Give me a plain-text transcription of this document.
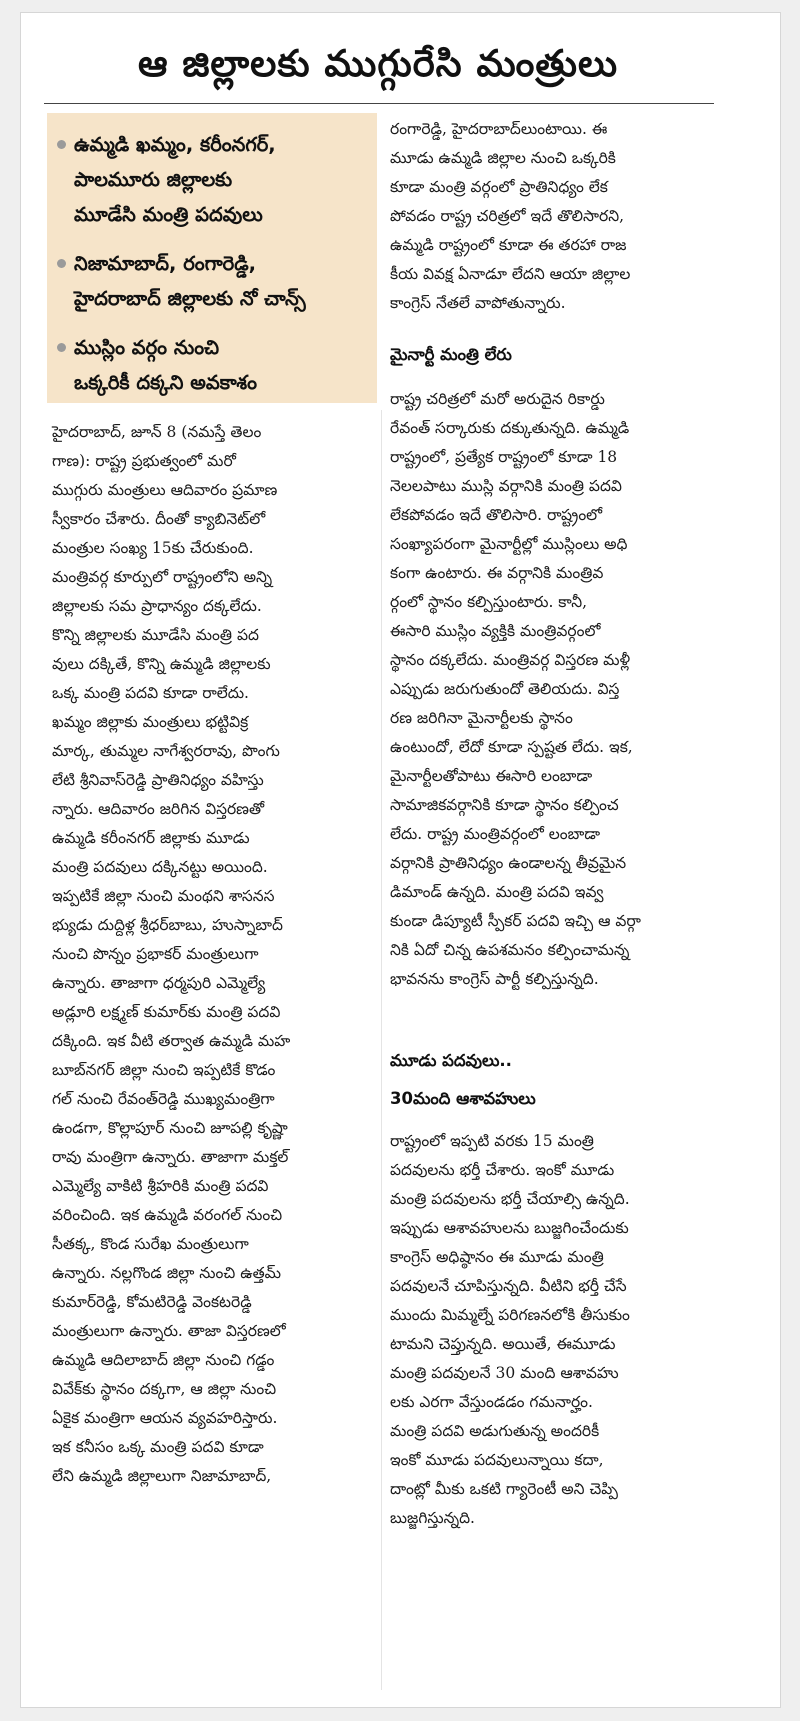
ఆ జిల్లాలకు ముగ్గురేసి మంత్రులు
ఉమ్మడి ఖమ్మం, కరీంనగర్,
పాలమూరు జిల్లాలకు
మూడేసి మంత్రి పదవులు
నిజామాబాద్, రంగారెడ్డి,
హైదరాబాద్ జిల్లాలకు నో చాన్స్
ముస్లిం వర్గం నుంచి
ఒక్కరికీ దక్కని అవకాశం
హైదరాబాద్, జూన్ 8 (నమస్తే తెలం
గాణ): రాష్ట్ర ప్రభుత్వంలో మరో
ముగ్గురు మంత్రులు ఆదివారం ప్రమాణ
స్వీకారం చేశారు. దీంతో క్యాబినెట్‌లో
మంత్రుల సంఖ్య 15కు చేరుకుంది.
మంత్రివర్గ కూర్పులో రాష్ట్రంలోని అన్ని
జిల్లాలకు సమ ప్రాధాన్యం దక్కలేదు.
కొన్ని జిల్లాలకు మూడేసి మంత్రి పద
వులు దక్కితే, కొన్ని ఉమ్మడి జిల్లాలకు
ఒక్క మంత్రి పదవి కూడా రాలేదు.
ఖమ్మం జిల్లాకు మంత్రులు భట్టివిక్ర
మార్క, తుమ్మల నాగేశ్వరరావు, పొంగు
లేటి శ్రీనివాస్‌రెడ్డి ప్రాతినిధ్యం వహిస్తు
న్నారు. ఆదివారం జరిగిన విస్తరణతో
ఉమ్మడి కరీంనగర్ జిల్లాకు మూడు
మంత్రి పదవులు దక్కినట్టు అయింది.
ఇప్పటికే జిల్లా నుంచి మంథని శాసనస
భ్యుడు దుద్దిళ్ల శ్రీధర్‌బాబు, హుస్నాబాద్
నుంచి పొన్నం ప్రభాకర్ మంత్రులుగా
ఉన్నారు. తాజాగా ధర్మపురి ఎమ్మెల్యే
అడ్లూరి లక్ష్మణ్ కుమార్‌కు మంత్రి పదవి
దక్కింది. ఇక వీటి తర్వాత ఉమ్మడి మహ
బూబ్‌నగర్ జిల్లా నుంచి ఇప్పటికే కొడం
గల్ నుంచి రేవంత్‌రెడ్డి ముఖ్యమంత్రిగా
ఉండగా, కొల్లాపూర్ నుంచి జూపల్లి కృష్ణా
రావు మంత్రిగా ఉన్నారు. తాజాగా మక్తల్
ఎమ్మెల్యే వాకిటి శ్రీహరికి మంత్రి పదవి
వరించింది. ఇక ఉమ్మడి వరంగల్ నుంచి
సీతక్క, కొండ సురేఖ మంత్రులుగా
ఉన్నారు. నల్లగొండ జిల్లా నుంచి ఉత్తమ్
కుమార్‌రెడ్డి, కోమటిరెడ్డి వెంకటరెడ్డి
మంత్రులుగా ఉన్నారు. తాజా విస్తరణలో
ఉమ్మడి ఆదిలాబాద్ జిల్లా నుంచి గడ్డం
వివేక్‌కు స్థానం దక్కగా, ఆ జిల్లా నుంచి
ఏకైక మంత్రిగా ఆయన వ్యవహరిస్తారు.
ఇక కనీసం ఒక్క మంత్రి పదవి కూడా
లేని ఉమ్మడి జిల్లాలుగా నిజామాబాద్,
రంగారెడ్డి, హైదరాబాద్‌లుంటాయి. ఈ
మూడు ఉమ్మడి జిల్లాల నుంచి ఒక్కరికి
కూడా మంత్రి వర్గంలో ప్రాతినిధ్యం లేక
పోవడం రాష్ట్ర చరిత్రలో ఇదే తొలిసారని,
ఉమ్మడి రాష్ట్రంలో కూడా ఈ తరహా రాజ
కీయ వివక్ష ఏనాడూ లేదని ఆయా జిల్లాల
కాంగ్రెస్ నేతలే వాపోతున్నారు.
మైనార్టీ మంత్రి లేరు
రాష్ట్ర చరిత్రలో మరో అరుదైన రికార్డు
రేవంత్ సర్కారుకు దక్కుతున్నది. ఉమ్మడి
రాష్ట్రంలో, ప్రత్యేక రాష్ట్రంలో కూడా 18
నెలలపాటు ముస్లి వర్గానికి మంత్రి పదవి
లేకపోవడం ఇదే తొలిసారి. రాష్ట్రంలో
సంఖ్యాపరంగా మైనార్టీల్లో ముస్లింలు అధి
కంగా ఉంటారు. ఈ వర్గానికి మంత్రివ
ర్గంలో స్థానం కల్పిస్తుంటారు. కానీ,
ఈసారి ముస్లిం వ్యక్తికి మంత్రివర్గంలో
స్థానం దక్కలేదు. మంత్రివర్గ విస్తరణ మళ్లీ
ఎప్పుడు జరుగుతుందో తెలియదు. విస్త
రణ జరిగినా మైనార్టీలకు స్థానం
ఉంటుందో, లేదో కూడా స్పష్టత లేదు. ఇక,
మైనార్టీలతోపాటు ఈసారి లంబాడా
సామాజికవర్గానికి కూడా స్థానం కల్పించ
లేదు. రాష్ట్ర మంత్రివర్గంలో లంబాడా
వర్గానికి ప్రాతినిధ్యం ఉండాలన్న తీవ్రమైన
డిమాండ్ ఉన్నది. మంత్రి పదవి ఇవ్వ
కుండా డిప్యూటీ స్పీకర్ పదవి ఇచ్చి ఆ వర్గా
నికి ఏదో చిన్న ఉపశమనం కల్పించామన్న
భావనను కాంగ్రెస్ పార్టీ కల్పిస్తున్నది.
మూడు పదవులు..
30మంది ఆశావహులు
రాష్ట్రంలో ఇప్పటి వరకు 15 మంత్రి
పదవులను భర్తీ చేశారు. ఇంకో మూడు
మంత్రి పదవులను భర్తీ చేయాల్సి ఉన్నది.
ఇప్పుడు ఆశావహులను బుజ్జగించేందుకు
కాంగ్రెస్ అధిష్ఠానం ఈ మూడు మంత్రి
పదవులనే చూపిస్తున్నది. వీటిని భర్తీ చేసే
ముందు మిమ్మల్నే పరిగణనలోకి తీసుకుం
టామని చెప్తున్నది. అయితే, ఈమూడు
మంత్రి పదవులనే 30 మంది ఆశావహు
లకు ఎరగా వేస్తుండడం గమనార్హం.
మంత్రి పదవి అడుగుతున్న అందరికీ
ఇంకో మూడు పదవులున్నాయి కదా,
దాంట్లో మీకు ఒకటి గ్యారెంటీ అని చెప్పి
బుజ్జగిస్తున్నది.
